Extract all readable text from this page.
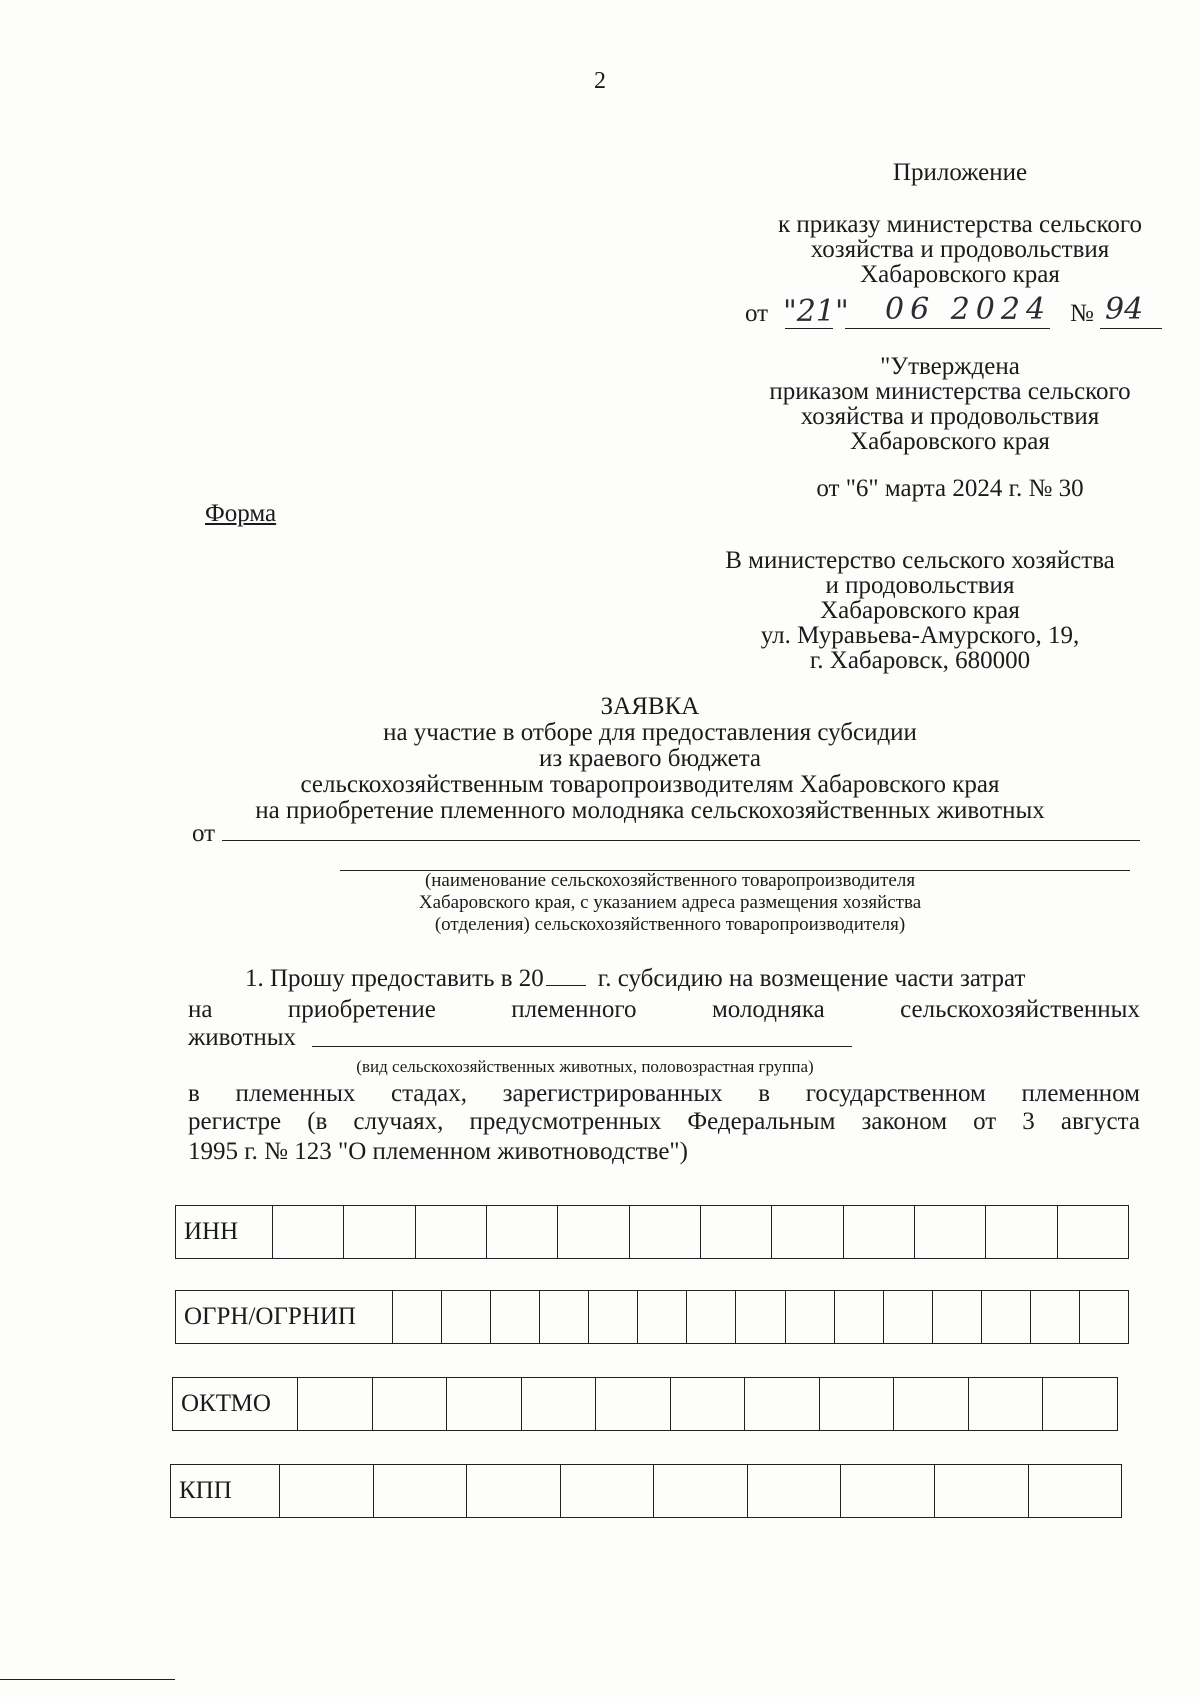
2
Приложение
к приказу министерства сельского
хозяйства и продовольствия
Хабаровского края
от "21" 06 2024 № 94
"Утверждена
приказом министерства сельского
хозяйства и продовольствия
Хабаровского края
от "6" марта 2024 г. № 30
Форма
В министерство сельского хозяйства
и продовольствия
Хабаровского края
ул. Муравьева-Амурского, 19,
г. Хабаровск, 680000
ЗАЯВКА
на участие в отборе для предоставления субсидии
из краевого бюджета
сельскохозяйственным товаропроизводителям Хабаровского края
на приобретение племенного молодняка сельскохозяйственных животных
от
(наименование сельскохозяйственного товаропроизводителя
Хабаровского края, с указанием адреса размещения хозяйства
(отделения) сельскохозяйственного товаропроизводителя)
1. Прошу предоставить в 20 г. субсидию на возмещение части затрат
на	приобретение	племенного	молодняка	сельскохозяйственных
животных
(вид сельскохозяйственных животных, половозрастная группа)
в племенных стадах, зарегистрированных в государственном племенном
регистре (в случаях, предусмотренных Федеральным законом от 3 августа
1995 г. № 123 "О племенном животноводстве")
ИНН
ОГРН/ОГРНИП
ОКТМО
КПП
